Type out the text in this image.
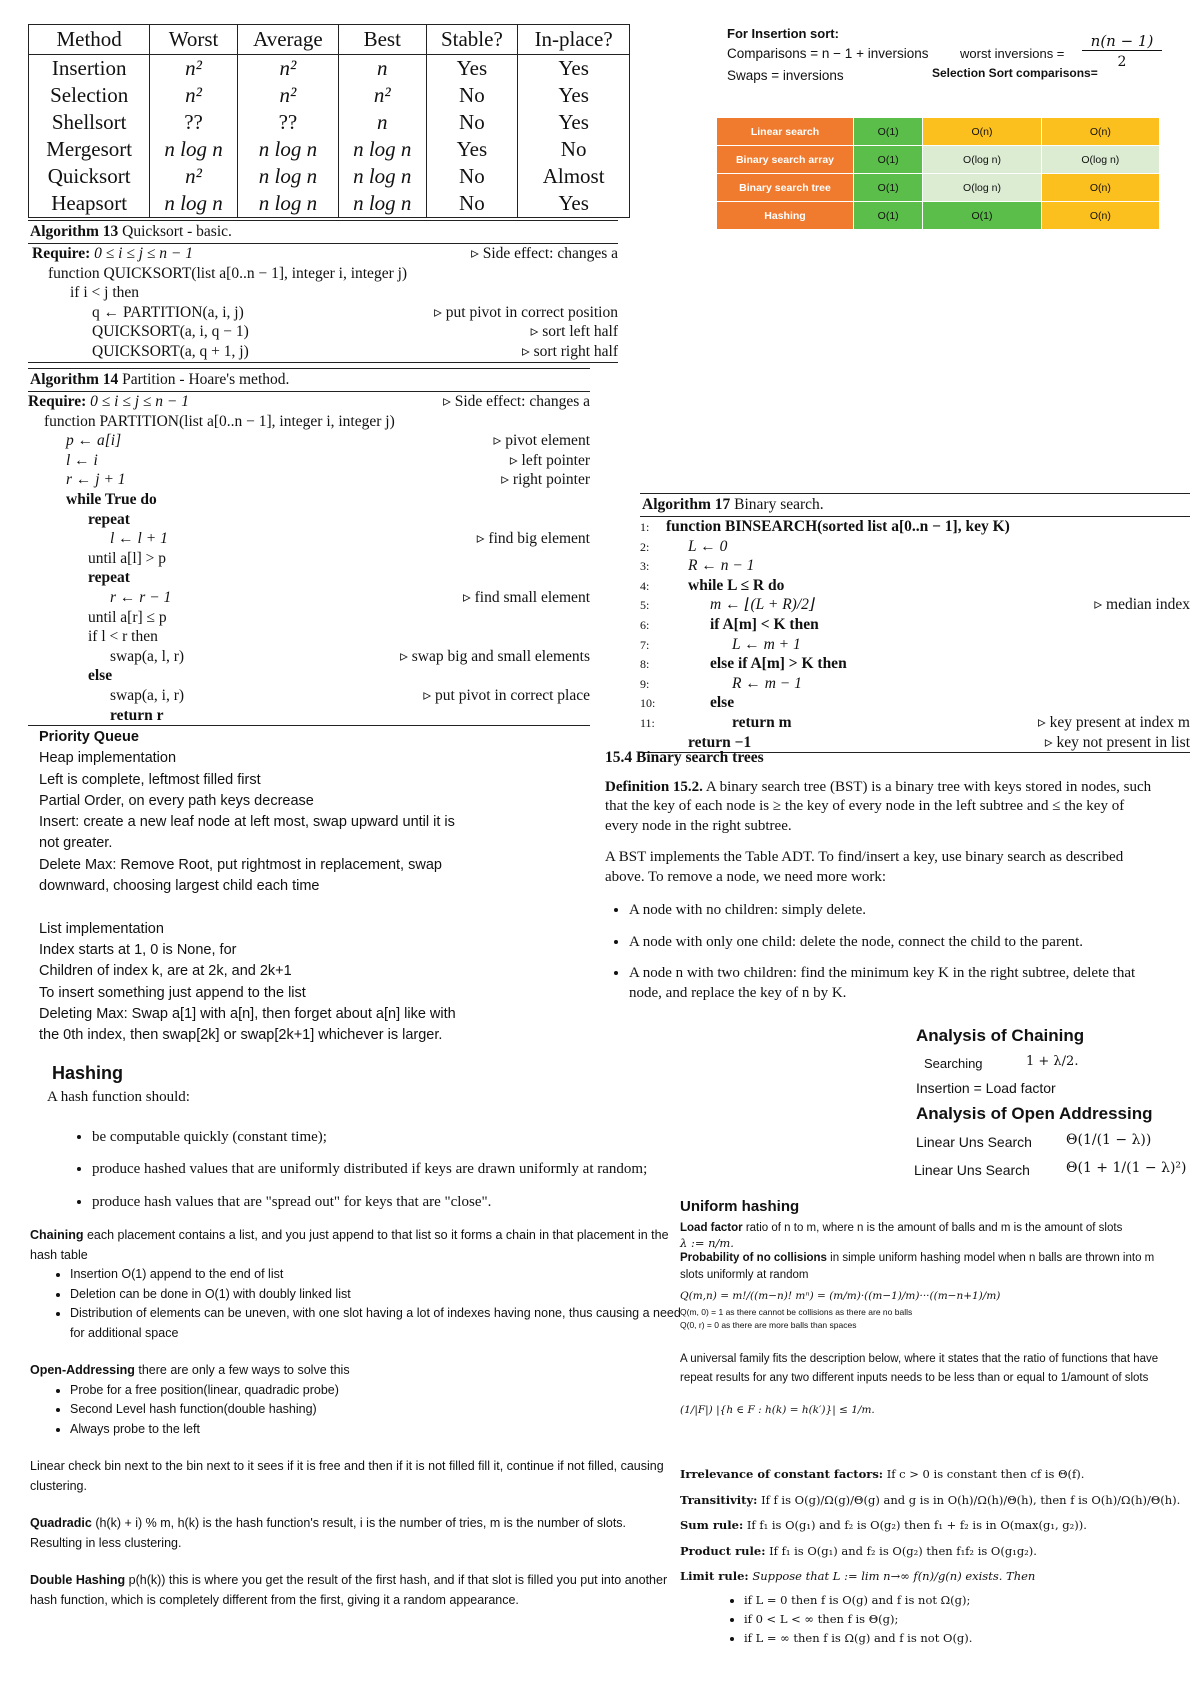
Method	Worst	Average	Best	Stable?	In-place?
Insertion	n²	n²	n	Yes	Yes
Selection	n²	n²	n²	No	Yes
Shellsort	??	??	n	No	Yes
Mergesort	n log n	n log n	n log n	Yes	No
Quicksort	n²	n log n	n log n	No	Almost
Heapsort	n log n	n log n	n log n	No	Yes
For Insertion sort:
Comparisons = n − 1 + inversions
Swaps = inversions
worst inversions =
n(n − 1)
2
Selection Sort comparisons=
Linear search	O(1)	O(n)	O(n)
Binary search array	O(1)	O(log n)	O(log n)
Binary search tree	O(1)	O(log n)	O(n)
Hashing	O(1)	O(1)	O(n)
Algorithm 13 Quicksort - basic.
Require: 0 ≤ i ≤ j ≤ n − 1	▹ Side effect: changes a
function QUICKSORT(list a[0..n − 1], integer i, integer j)
if i < j then
q ← PARTITION(a, i, j)	▹ put pivot in correct position
QUICKSORT(a, i, q − 1)	▹ sort left half
QUICKSORT(a, q + 1, j)	▹ sort right half
Algorithm 14 Partition - Hoare's method.
Require: 0 ≤ i ≤ j ≤ n − 1	▹ Side effect: changes a
function PARTITION(list a[0..n − 1], integer i, integer j)
p ← a[i]	▹ pivot element
l ← i	▹ left pointer
r ← j + 1	▹ right pointer
while True do
repeat
l ← l + 1	▹ find big element
until a[l] > p
repeat
r ← r − 1	▹ find small element
until a[r] ≤ p
if l < r then
swap(a, l, r)	▹ swap big and small elements
else
swap(a, i, r)	▹ put pivot in correct place
return r
Algorithm 17 Binary search.
1: function BINSEARCH(sorted list a[0..n − 1], key K)
2: L ← 0
3: R ← n − 1
4: while L ≤ R do
5:	m ← ⌊(L + R)/2⌋	▹ median index
6:	if A[m] < K then
7:	L ← m + 1
8:	else if A[m] > K then
9:	R ← m − 1
10:	else
11:	return m	▹ key present at index m
return −1	▹ key not present in list
Priority Queue
Heap implementation
Left is complete, leftmost filled first
Partial Order, on every path keys decrease
Insert: create a new leaf node at left most, swap upward until it is
not greater.
Delete Max: Remove Root, put rightmost in replacement, swap
downward, choosing largest child each time
List implementation
Index starts at 1, 0 is None, for
Children of index k, are at 2k, and 2k+1
To insert something just append to the list
Deleting Max: Swap a[1] with a[n], then forget about a[n] like with
the 0th index, then swap[2k] or swap[2k+1] whichever is larger.
15.4 Binary search trees
Definition 15.2. A binary search tree (BST) is a binary tree with keys stored in nodes, such that the key of each node is ≥ the key of every node in the left subtree and ≤ the key of every node in the right subtree.
A BST implements the Table ADT. To find/insert a key, use binary search as described above. To remove a node, we need more work:
• A node with no children: simply delete.
• A node with only one child: delete the node, connect the child to the parent.
• A node n with two children: find the minimum key K in the right subtree, delete that node, and replace the key of n by K.
Analysis of Chaining
Searching	1 + λ/2.
Insertion = Load factor
Analysis of Open Addressing
Linear Uns Search Θ(1/(1 − λ))
Linear Uns Search	Θ(1 + 1/(1 − λ)²)
Hashing
A hash function should:
• be computable quickly (constant time);
• produce hashed values that are uniformly distributed if keys are drawn uniformly at random;
• produce hash values that are "spread out" for keys that are "close".
Chaining each placement contains a list, and you just append to that list so it forms a chain in that placement in the hash table
• Insertion O(1) append to the end of list
• Deletion can be done in O(1) with doubly linked list
• Distribution of elements can be uneven, with one slot having a lot of indexes having none, thus causing a need for additional space
Open-Addressing there are only a few ways to solve this
• Probe for a free position(linear, quadradic probe)
• Second Level hash function(double hashing)
• Always probe to the left
Linear check bin next to the bin next to it sees if it is free and then if it is not filled fill it, continue if not filled, causing clustering.
Quadradic (h(k) + i) % m, h(k) is the hash function's result, i is the number of tries, m is the number of slots. Resulting in less clustering.
Double Hashing p(h(k)) this is where you get the result of the first hash, and if that slot is filled you put into another hash function, which is completely different from the first, giving it a random appearance.
Uniform hashing
Load factor ratio of n to m, where n is the amount of balls and m is the amount of slots
λ := n/m.
Probability of no collisions in simple uniform hashing model when n balls are thrown into m slots uniformly at random
Q(m,n) = m!/((m−n)! mⁿ) = (m/m)·((m−1)/m)···((m−n+1)/m)
Q(m, 0) = 1 as there cannot be collisions as there are no balls
Q(0, r) = 0 as there are more balls than spaces
A universal family fits the description below, where it states that the ratio of functions that have repeat results for any two different inputs needs to be less than or equal to 1/amount of slots
(1/|F|) |{h ∈ F : h(k) = h(k′)}| ≤ 1/m.
Irrelevance of constant factors: If c > 0 is constant then cf is Θ(f).
Transitivity: If f is O(g)/Ω(g)/Θ(g) and g is in O(h)/Ω(h)/Θ(h), then f is O(h)/Ω(h)/Θ(h).
Sum rule: If f₁ is O(g₁) and f₂ is O(g₂) then f₁ + f₂ is in O(max(g₁, g₂)).
Product rule: If f₁ is O(g₁) and f₂ is O(g₂) then f₁f₂ is O(g₁g₂).
Limit rule: Suppose that L := lim n→∞ f(n)/g(n) exists. Then
• if L = 0 then f is O(g) and f is not Ω(g);
• if 0 < L < ∞ then f is Θ(g);
• if L = ∞ then f is Ω(g) and f is not O(g).
